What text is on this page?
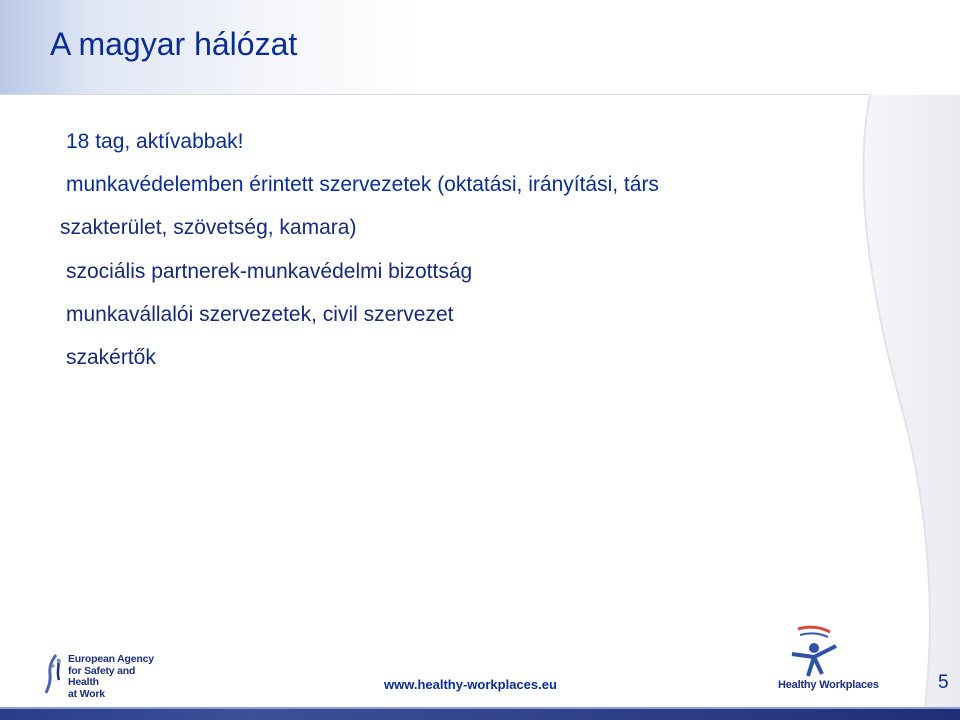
A magyar hálózat
18 tag, aktívabbak!
munkavédelemben érintett szervezetek (oktatási, irányítási, társ
szakterület, szövetség, kamara)
szociális partnerek-munkavédelmi bizottság
munkavállalói szervezetek, civil szervezet
szakértők
European Agency
for Safety and Health
at Work
www.healthy-workplaces.eu	Healthy Workplaces	5
